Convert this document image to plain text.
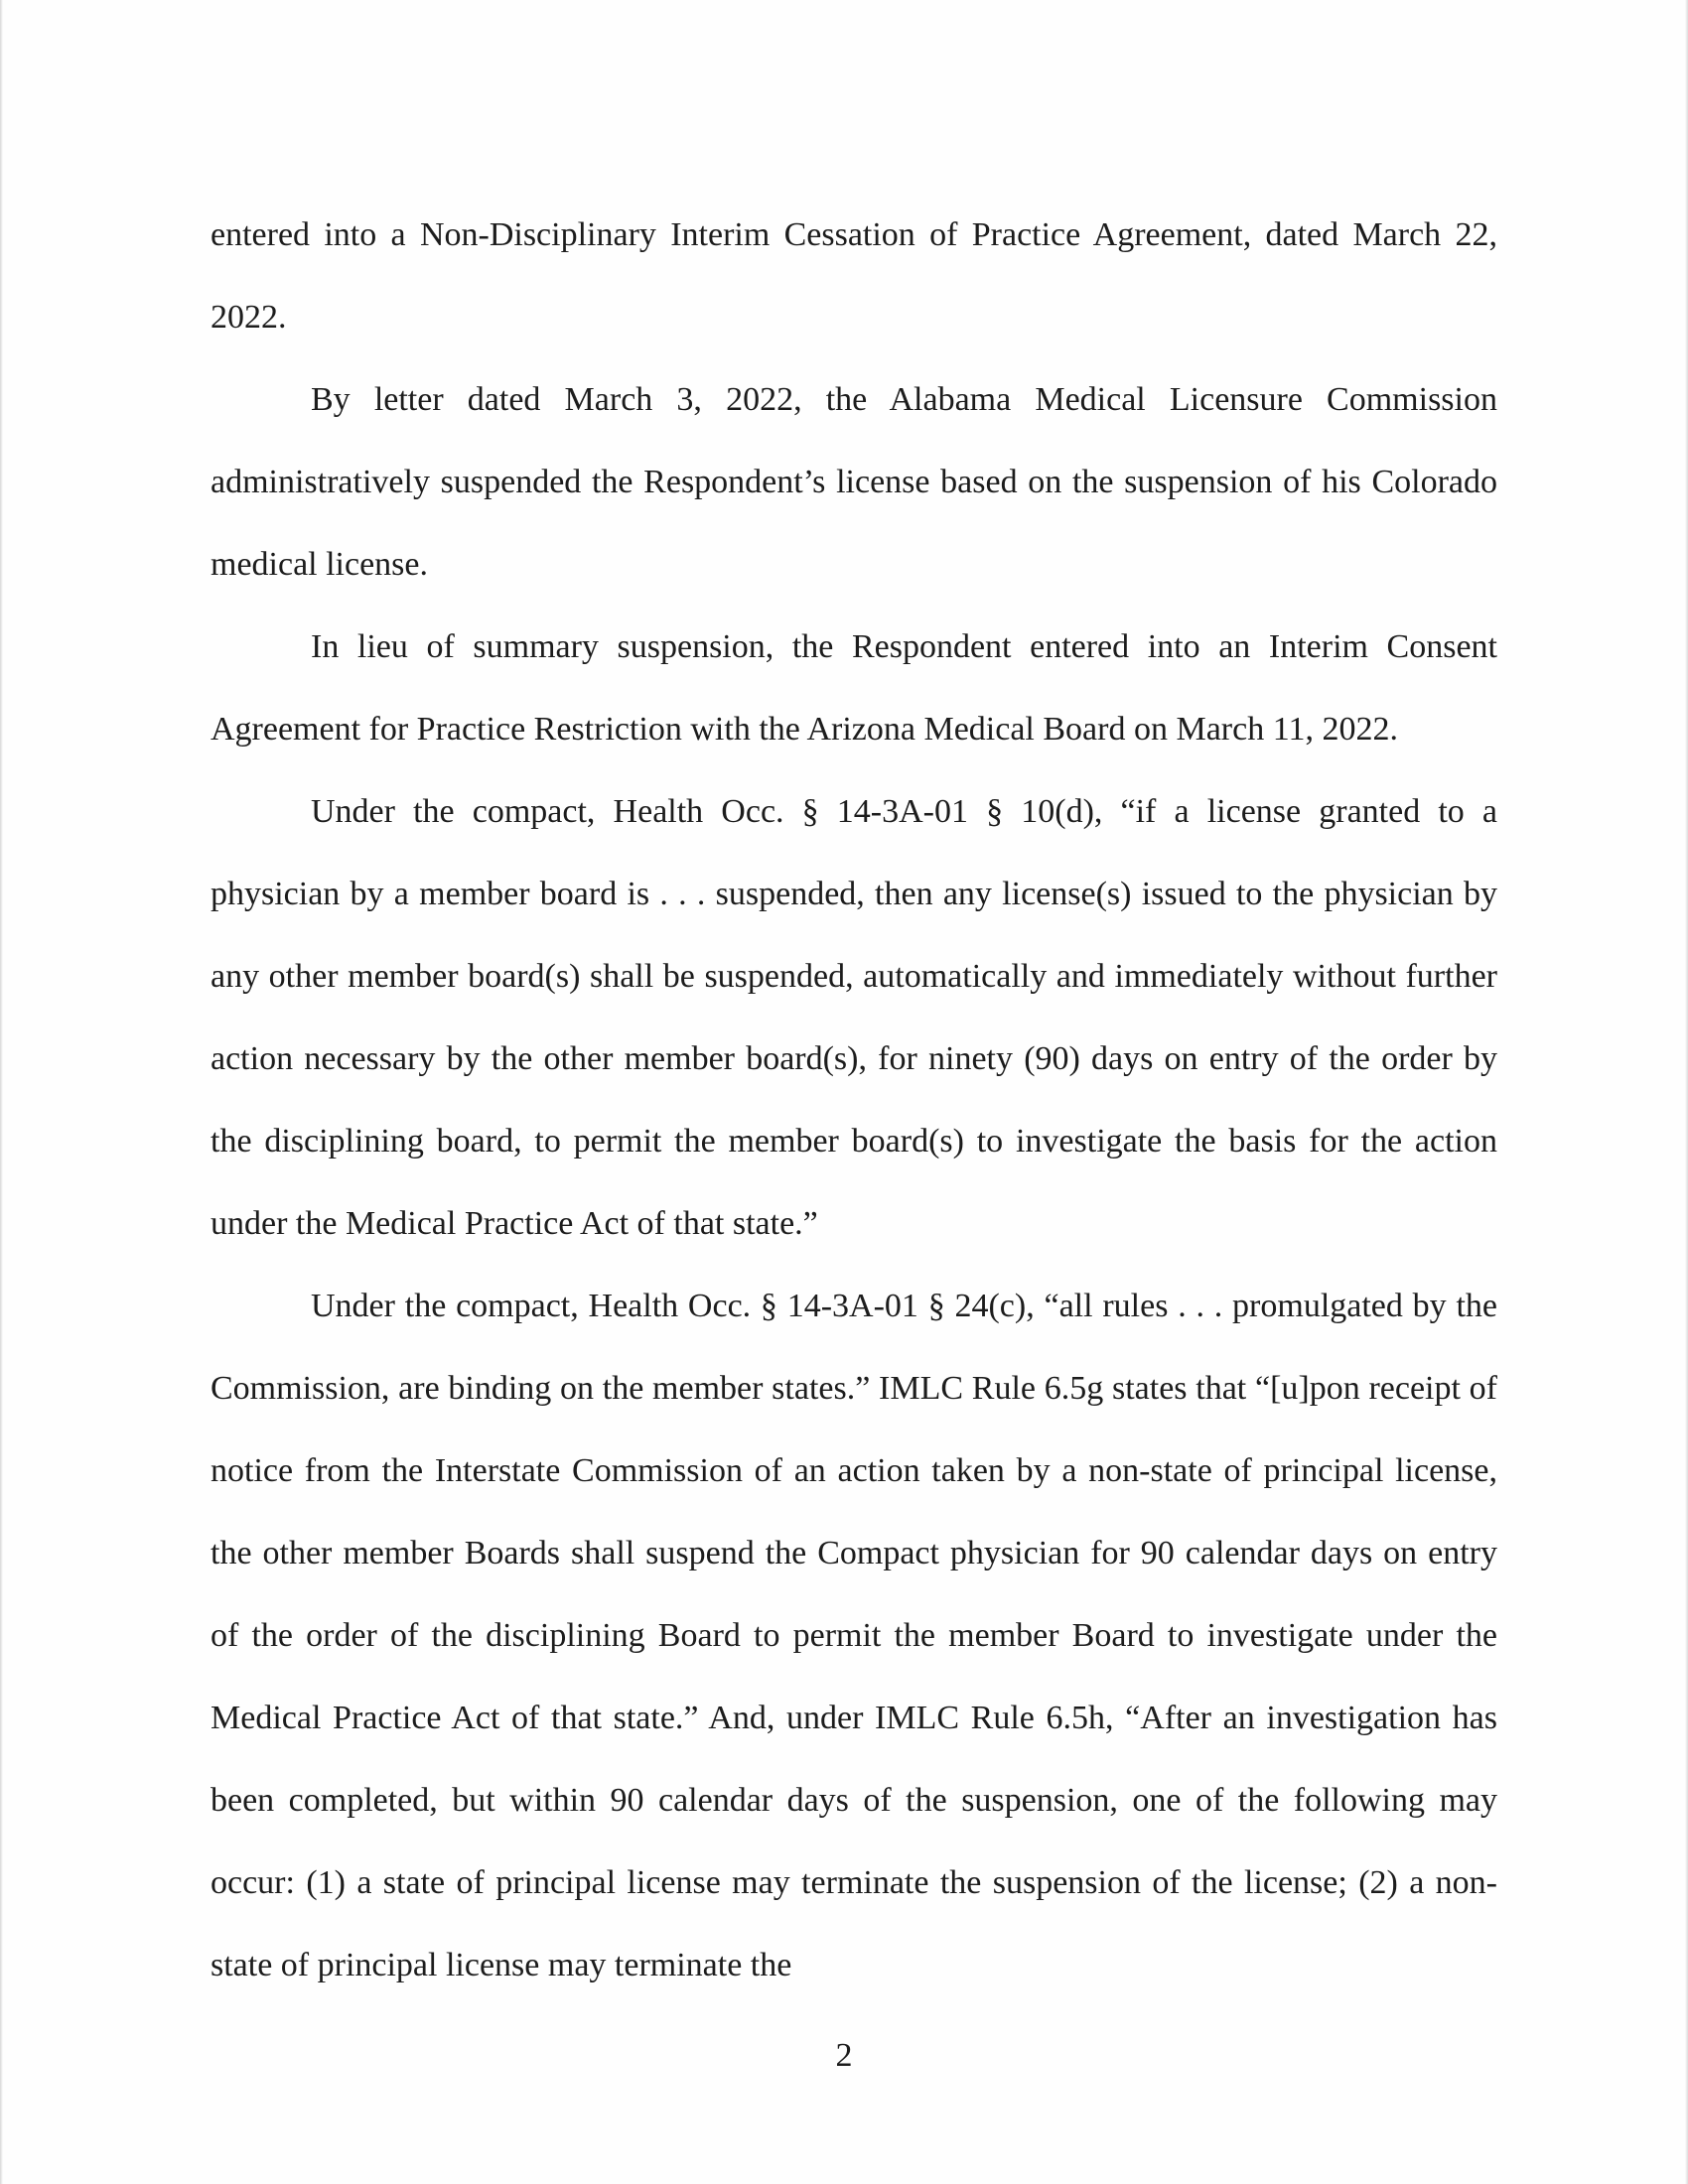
entered into a Non-Disciplinary Interim Cessation of Practice Agreement, dated March 22, 2022.

By letter dated March 3, 2022, the Alabama Medical Licensure Commission administratively suspended the Respondent’s license based on the suspension of his Colorado medical license.

In lieu of summary suspension, the Respondent entered into an Interim Consent Agreement for Practice Restriction with the Arizona Medical Board on March 11, 2022.

Under the compact, Health Occ. § 14-3A-01 § 10(d), “if a license granted to a physician by a member board is . . . suspended, then any license(s) issued to the physician by any other member board(s) shall be suspended, automatically and immediately without further action necessary by the other member board(s), for ninety (90) days on entry of the order by the disciplining board, to permit the member board(s) to investigate the basis for the action under the Medical Practice Act of that state.”

Under the compact, Health Occ. § 14-3A-01 § 24(c), “all rules . . . promulgated by the Commission, are binding on the member states.” IMLC Rule 6.5g states that “[u]pon receipt of notice from the Interstate Commission of an action taken by a non-state of principal license, the other member Boards shall suspend the Compact physician for 90 calendar days on entry of the order of the disciplining Board to permit the member Board to investigate under the Medical Practice Act of that state.” And, under IMLC Rule 6.5h, “After an investigation has been completed, but within 90 calendar days of the suspension, one of the following may occur: (1) a state of principal license may terminate the suspension of the license; (2) a non-state of principal license may terminate the

2
